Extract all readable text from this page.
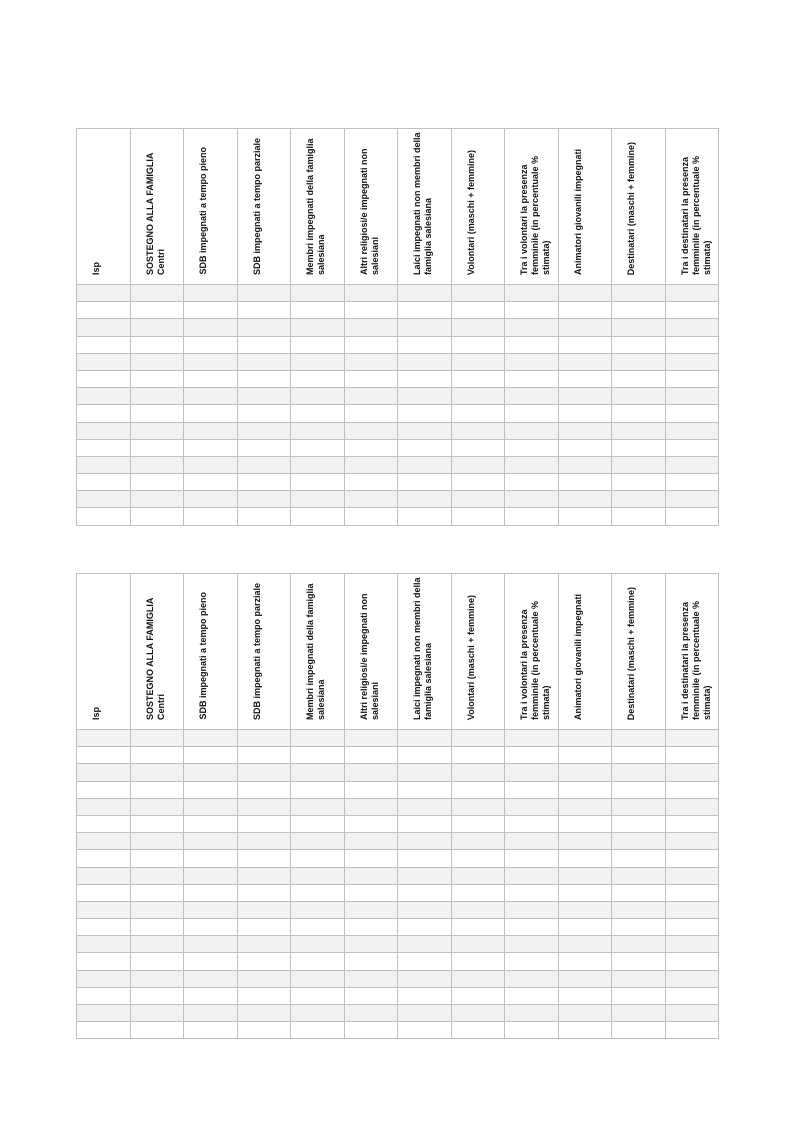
Isp	SOSTEGNO ALLA FAMIGLIA Centri	SDB impegnati a tempo pieno	SDB impegnati a tempo parziale	Membri impegnati della famiglia salesiana	Altri religiosi/e impegnati non salesiani	Laici impegnati non membri della famiglia salesiana	Volontari (maschi + femmine)	Tra i volontari la presenza femminile (in percentuale % stimata)	Animatori giovanili impegnati	Destinatari (maschi + femmine)	Tra i destinatari la presenza femminile (in percentuale % stimata)

Isp	SOSTEGNO ALLA FAMIGLIA Centri	SDB impegnati a tempo pieno	SDB impegnati a tempo parziale	Membri impegnati della famiglia salesiana	Altri religiosi/e impegnati non salesiani	Laici impegnati non membri della famiglia salesiana	Volontari (maschi + femmine)	Tra i volontari la presenza femminile (in percentuale % stimata)	Animatori giovanili impegnati	Destinatari (maschi + femmine)	Tra i destinatari la presenza femminile (in percentuale % stimata)
